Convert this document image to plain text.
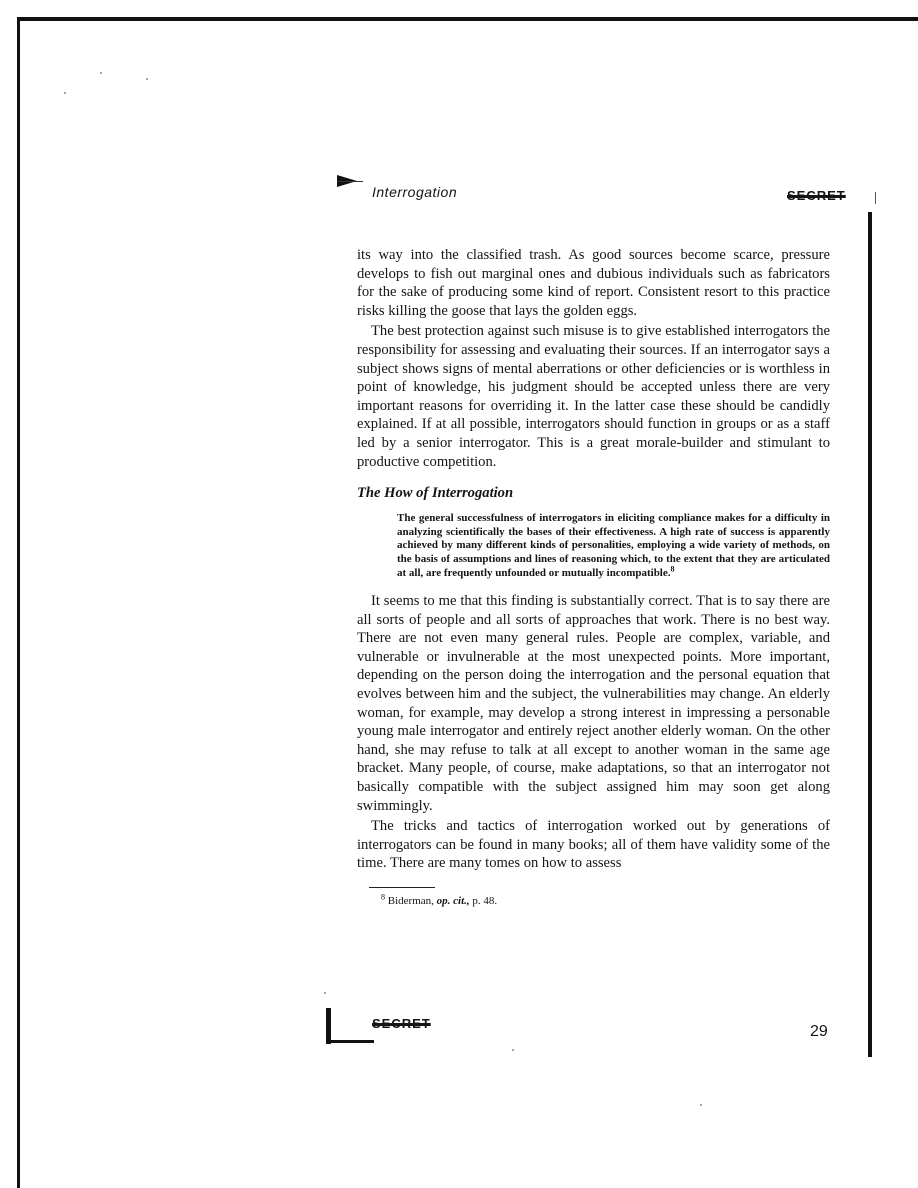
Interrogation	SECRET

its way into the classified trash. As good sources become scarce, pressure develops to fish out marginal ones and dubious individuals such as fabricators for the sake of producing some kind of report. Consistent resort to this practice risks killing the goose that lays the golden eggs.

The best protection against such misuse is to give established interrogators the responsibility for assessing and evaluating their sources. If an interrogator says a subject shows signs of mental aberrations or other deficiencies or is worthless in point of knowledge, his judgment should be accepted unless there are very important reasons for overriding it. In the latter case these should be candidly explained. If at all possible, interrogators should function in groups or as a staff led by a senior interrogator. This is a great morale-builder and stimulant to productive competition.

The How of Interrogation
The general successfulness of interrogators in eliciting compliance makes for a difficulty in analyzing scientifically the bases of their effectiveness. A high rate of success is apparently achieved by many different kinds of personalities, employing a wide variety of methods, on the basis of assumptions and lines of reasoning which, to the extent that they are articulated at all, are frequently unfounded or mutually incompatible.$^8$

It seems to me that this finding is substantially correct. That is to say there are all sorts of people and all sorts of approaches that work. There is no best way. There are not even many general rules. People are complex, variable, and vulnerable or invulnerable at the most unexpected points. More important, depending on the person doing the interrogation and the personal equation that evolves between him and the subject, the vulnerabilities may change. An elderly woman, for example, may develop a strong interest in impressing a personable young male interrogator and entirely reject another elderly woman. On the other hand, she may refuse to talk at all except to another woman in the same age bracket. Many people, of course, make adaptations, so that an interrogator not basically compatible with the subject assigned him may soon get along swimmingly.

The tricks and tactics of interrogation worked out by generations of interrogators can be found in many books; all of them have validity some of the time. There are many tomes on how to assess

$^8$ Biderman, op. cit., p. 48.

SECRET	29
